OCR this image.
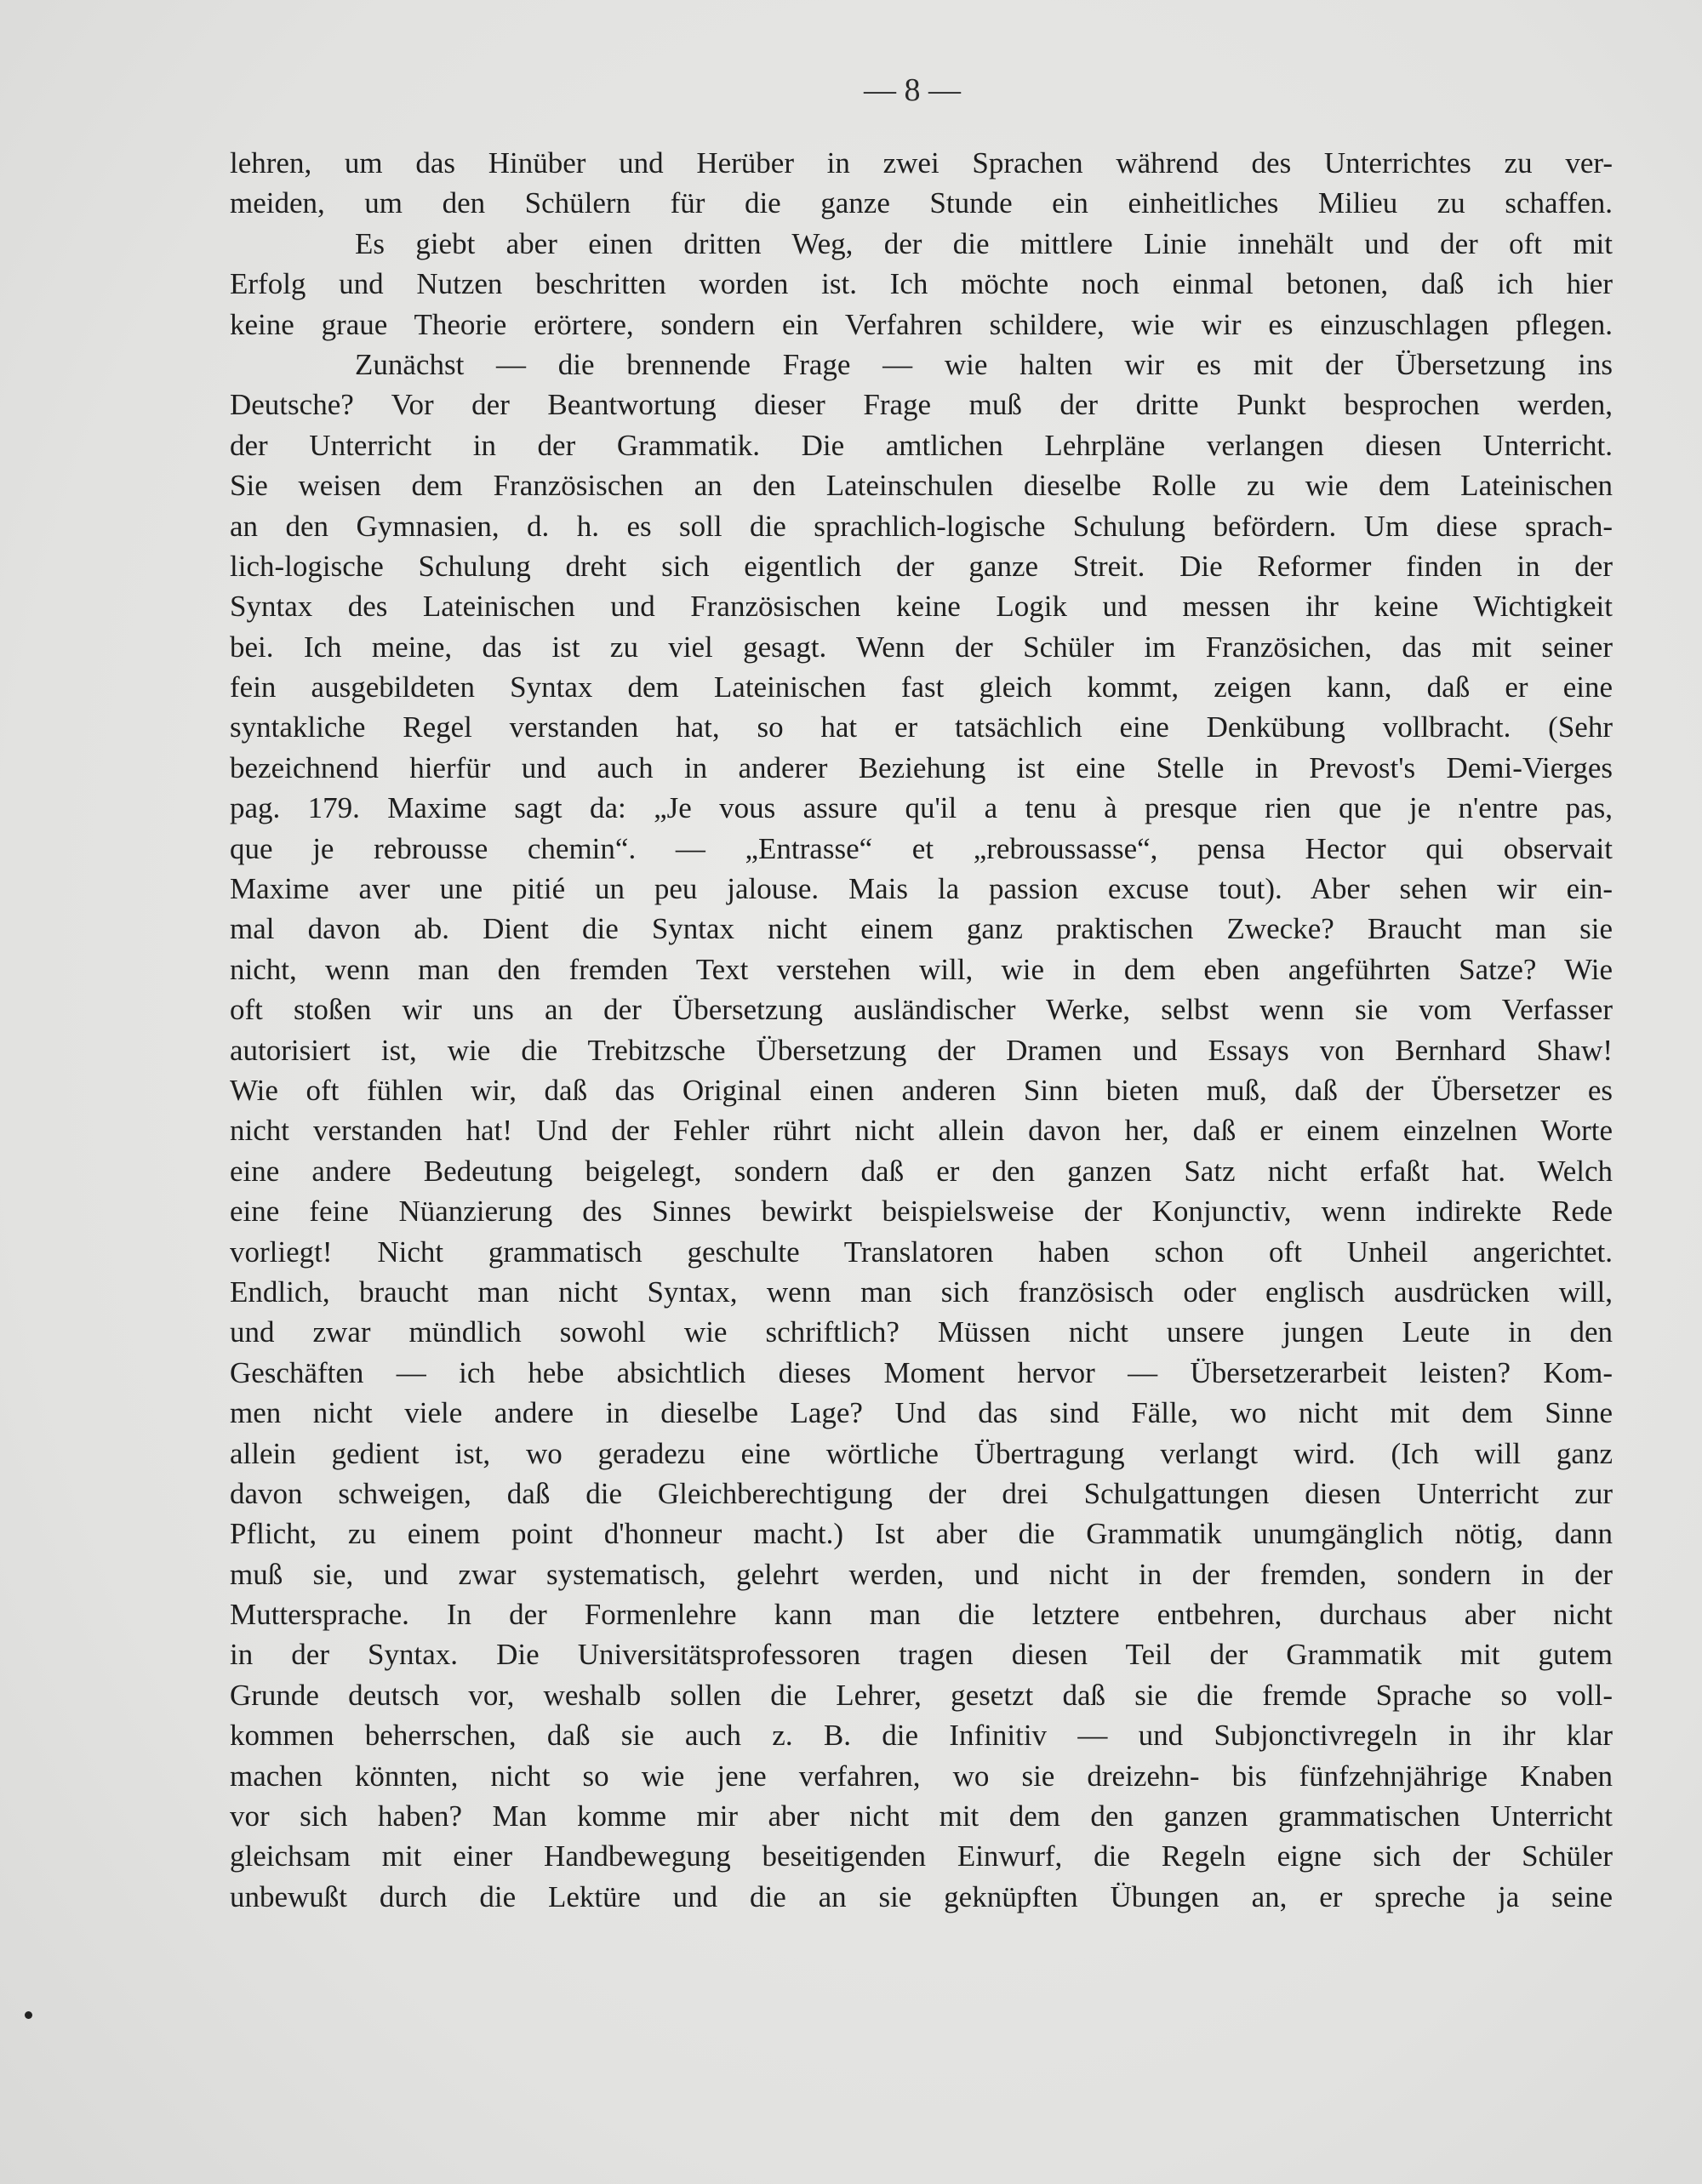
— 8 —
lehren, um das Hinüber und Herüber in zwei Sprachen während des Unterrichtes zu ver-
meiden, um den Schülern für die ganze Stunde ein einheitliches Milieu zu schaffen.
Es giebt aber einen dritten Weg, der die mittlere Linie innehält und der oft mit
Erfolg und Nutzen beschritten worden ist. Ich möchte noch einmal betonen, daß ich hier
keine graue Theorie erörtere, sondern ein Verfahren schildere, wie wir es einzuschlagen pflegen.
Zunächst — die brennende Frage — wie halten wir es mit der Übersetzung ins
Deutsche? Vor der Beantwortung dieser Frage muß der dritte Punkt besprochen werden,
der Unterricht in der Grammatik. Die amtlichen Lehrpläne verlangen diesen Unterricht.
Sie weisen dem Französischen an den Lateinschulen dieselbe Rolle zu wie dem Lateinischen
an den Gymnasien, d. h. es soll die sprachlich-logische Schulung befördern. Um diese sprach-
lich-logische Schulung dreht sich eigentlich der ganze Streit. Die Reformer finden in der
Syntax des Lateinischen und Französischen keine Logik und messen ihr keine Wichtigkeit
bei. Ich meine, das ist zu viel gesagt. Wenn der Schüler im Französichen, das mit seiner
fein ausgebildeten Syntax dem Lateinischen fast gleich kommt, zeigen kann, daß er eine
syntakliche Regel verstanden hat, so hat er tatsächlich eine Denkübung vollbracht. (Sehr
bezeichnend hierfür und auch in anderer Beziehung ist eine Stelle in Prevost's Demi-Vierges
pag. 179. Maxime sagt da: „Je vous assure qu'il a tenu à presque rien que je n'entre pas,
que je rebrousse chemin“. — „Entrasse“ et „rebroussasse“, pensa Hector qui observait
Maxime aver une pitié un peu jalouse. Mais la passion excuse tout). Aber sehen wir ein-
mal davon ab. Dient die Syntax nicht einem ganz praktischen Zwecke? Braucht man sie
nicht, wenn man den fremden Text verstehen will, wie in dem eben angeführten Satze? Wie
oft stoßen wir uns an der Übersetzung ausländischer Werke, selbst wenn sie vom Verfasser
autorisiert ist, wie die Trebitzsche Übersetzung der Dramen und Essays von Bernhard Shaw!
Wie oft fühlen wir, daß das Original einen anderen Sinn bieten muß, daß der Übersetzer es
nicht verstanden hat! Und der Fehler rührt nicht allein davon her, daß er einem einzelnen Worte
eine andere Bedeutung beigelegt, sondern daß er den ganzen Satz nicht erfaßt hat. Welch
eine feine Nüanzierung des Sinnes bewirkt beispielsweise der Konjunctiv, wenn indirekte Rede
vorliegt! Nicht grammatisch geschulte Translatoren haben schon oft Unheil angerichtet.
Endlich, braucht man nicht Syntax, wenn man sich französisch oder englisch ausdrücken will,
und zwar mündlich sowohl wie schriftlich? Müssen nicht unsere jungen Leute in den
Geschäften — ich hebe absichtlich dieses Moment hervor — Übersetzerarbeit leisten? Kom-
men nicht viele andere in dieselbe Lage? Und das sind Fälle, wo nicht mit dem Sinne
allein gedient ist, wo geradezu eine wörtliche Übertragung verlangt wird. (Ich will ganz
davon schweigen, daß die Gleichberechtigung der drei Schulgattungen diesen Unterricht zur
Pflicht, zu einem point d'honneur macht.) Ist aber die Grammatik unumgänglich nötig, dann
muß sie, und zwar systematisch, gelehrt werden, und nicht in der fremden, sondern in der
Muttersprache. In der Formenlehre kann man die letztere entbehren, durchaus aber nicht
in der Syntax. Die Universitätsprofessoren tragen diesen Teil der Grammatik mit gutem
Grunde deutsch vor, weshalb sollen die Lehrer, gesetzt daß sie die fremde Sprache so voll-
kommen beherrschen, daß sie auch z. B. die Infinitiv — und Subjonctivregeln in ihr klar
machen könnten, nicht so wie jene verfahren, wo sie dreizehn- bis fünfzehnjährige Knaben
vor sich haben? Man komme mir aber nicht mit dem den ganzen grammatischen Unterricht
gleichsam mit einer Handbewegung beseitigenden Einwurf, die Regeln eigne sich der Schüler
unbewußt durch die Lektüre und die an sie geknüpften Übungen an, er spreche ja seine
